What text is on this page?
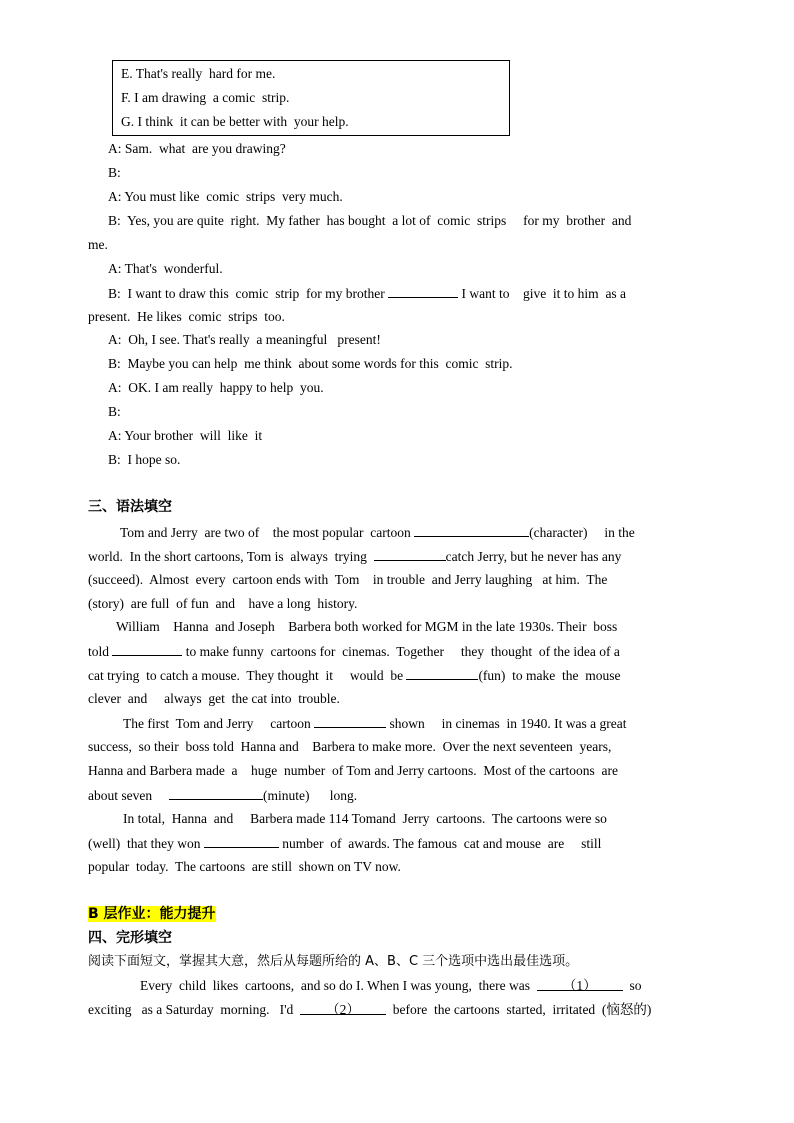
E. That's really  hard for me.
F. I am drawing  a comic  strip.
G. I think  it can be better with  your help.
A: Sam.  what  are you drawing?
B:
A: You must like  comic  strips  very much.
B:  Yes, you are quite  right.  My father  has bought  a lot of  comic  strips     for my  brother  and
me.
A: That's  wonderful.
B:  I want to draw this  comic  strip  for my brother	I want to    give  it to him  as a
present.  He likes  comic  strips  too.
A:  Oh, I see. That's really  a meaningful   present!
B:  Maybe you can help  me think  about some words for this  comic  strip.
A:  OK. I am really  happy to help  you.
B:
A: Your brother  will  like  it
B:  I hope so.
三、语法填空
Tom and Jerry  are two of    the most popular  cartoon	(character)     in the
world.  In the short cartoons, Tom is  always  trying	catch Jerry, but he never has any
(succeed).  Almost  every  cartoon ends with  Tom    in trouble  and Jerry laughing   at him.  The
(story)  are full  of fun  and    have a long  history.
William    Hanna  and Joseph    Barbera both worked for MGM in the late 1930s. Their  boss
told	to make funny  cartoons for  cinemas.  Together     they  thought  of the idea of a
cat trying  to catch a mouse.  They thought  it     would  be	(fun)  to make  the  mouse
clever  and     always  get  the cat into  trouble.
The first  Tom and Jerry     cartoon	shown     in cinemas  in 1940. It was a great
success,  so their  boss told  Hanna and    Barbera to make more.  Over the next seventeen  years,
Hanna and Barbera made  a    huge  number  of Tom and Jerry cartoons.  Most of the cartoons  are
about seven	(minute)      long.
In total,  Hanna  and     Barbera made 114 Tomand  Jerry  cartoons.  The cartoons were so
(well)  that they won	number  of  awards. The famous  cat and mouse  are     still
popular  today.  The cartoons  are still  shown on TV now.
B 层作业：能力提升
四、完形填空
阅读下面短文，掌握其大意，然后从每题所给的 A、B、C 三个选项中选出最佳选项。
Every  child  likes  cartoons,  and so do I. When I was young,  there was  （1）  so
exciting   as a Saturday  morning.   I'd  （2）  before  the cartoons  started,  irritated  (恼怒的)
